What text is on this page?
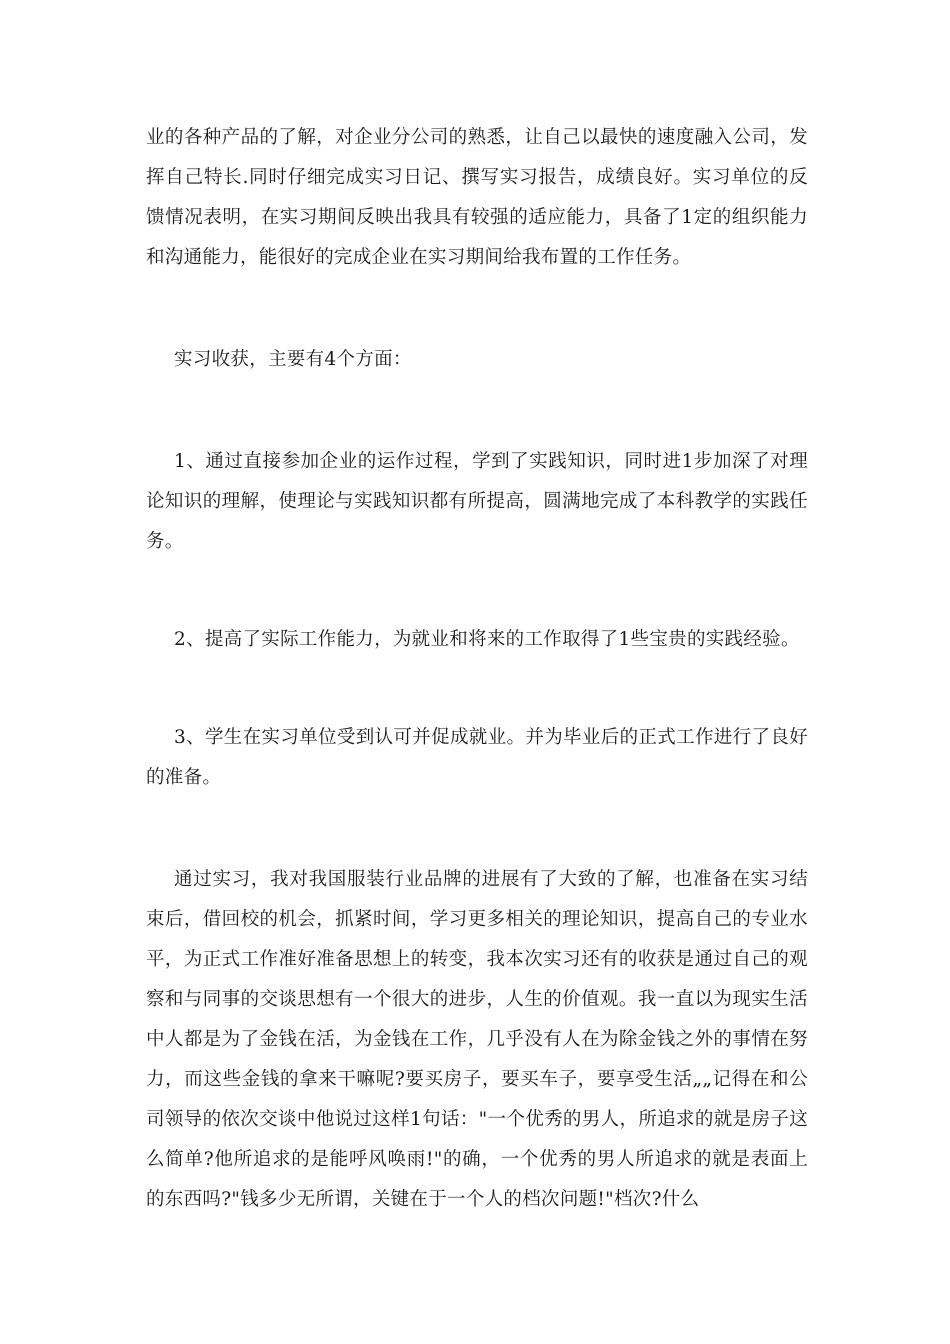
业的各种产品的了解，对企业分公司的熟悉，让自己以最快的速度融入公司，发挥自己特长.同时仔细完成实习日记、撰写实习报告，成绩良好。实习单位的反馈情况表明，在实习期间反映出我具有较强的适应能力，具备了1定的组织能力和沟通能力，能很好的完成企业在实习期间给我布置的工作任务。

实习收获，主要有4个方面：

1、通过直接参加企业的运作过程，学到了实践知识，同时进1步加深了对理论知识的理解，使理论与实践知识都有所提高，圆满地完成了本科教学的实践任务。

2、提高了实际工作能力，为就业和将来的工作取得了1些宝贵的实践经验。

3、学生在实习单位受到认可并促成就业。并为毕业后的正式工作进行了良好的准备。

通过实习，我对我国服装行业品牌的进展有了大致的了解，也准备在实习结束后，借回校的机会，抓紧时间，学习更多相关的理论知识，提高自己的专业水平，为正式工作准好准备思想上的转变，我本次实习还有的收获是通过自己的观察和与同事的交谈思想有一个很大的进步，人生的价值观。我一直以为现实生活中人都是为了金钱在活，为金钱在工作，几乎没有人在为除金钱之外的事情在努力，而这些金钱的拿来干嘛呢?要买房子，要买车子，要享受生活„„记得在和公司领导的依次交谈中他说过这样1句话："一个优秀的男人，所追求的就是房子这么简单?他所追求的是能呼风唤雨!"的确，一个优秀的男人所追求的就是表面上的东西吗?"钱多少无所谓，关键在于一个人的档次问题!"档次?什么
